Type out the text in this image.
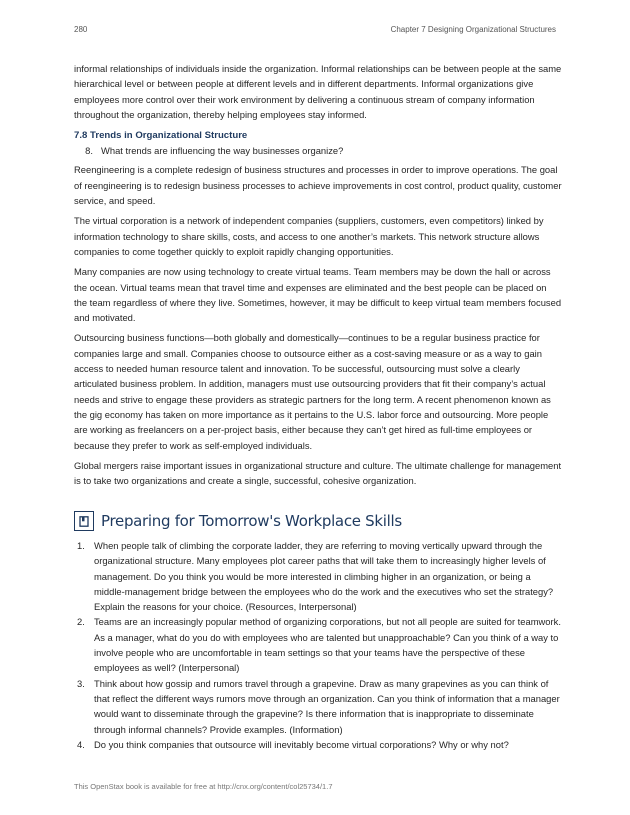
280	Chapter 7 Designing Organizational Structures

informal relationships of individuals inside the organization. Informal relationships can be between people at the same hierarchical level or between people at different levels and in different departments. Informal organizations give employees more control over their work environment by delivering a continuous stream of company information throughout the organization, thereby helping employees stay informed.

7.8 Trends in Organizational Structure
8. What trends are influencing the way businesses organize?

Reengineering is a complete redesign of business structures and processes in order to improve operations. The goal of reengineering is to redesign business processes to achieve improvements in cost control, product quality, customer service, and speed.

The virtual corporation is a network of independent companies (suppliers, customers, even competitors) linked by information technology to share skills, costs, and access to one another’s markets. This network structure allows companies to come together quickly to exploit rapidly changing opportunities.

Many companies are now using technology to create virtual teams. Team members may be down the hall or across the ocean. Virtual teams mean that travel time and expenses are eliminated and the best people can be placed on the team regardless of where they live. Sometimes, however, it may be difficult to keep virtual team members focused and motivated.

Outsourcing business functions—both globally and domestically—continues to be a regular business practice for companies large and small. Companies choose to outsource either as a cost-saving measure or as a way to gain access to needed human resource talent and innovation. To be successful, outsourcing must solve a clearly articulated business problem. In addition, managers must use outsourcing providers that fit their company’s actual needs and strive to engage these providers as strategic partners for the long term. A recent phenomenon known as the gig economy has taken on more importance as it pertains to the U.S. labor force and outsourcing. More people are working as freelancers on a per-project basis, either because they can’t get hired as full-time employees or because they prefer to work as self-employed individuals.

Global mergers raise important issues in organizational structure and culture. The ultimate challenge for management is to take two organizations and create a single, successful, cohesive organization.

Preparing for Tomorrow's Workplace Skills
1. When people talk of climbing the corporate ladder, they are referring to moving vertically upward through the organizational structure. Many employees plot career paths that will take them to increasingly higher levels of management. Do you think you would be more interested in climbing higher in an organization, or being a middle-management bridge between the employees who do the work and the executives who set the strategy? Explain the reasons for your choice. (Resources, Interpersonal)
2. Teams are an increasingly popular method of organizing corporations, but not all people are suited for teamwork. As a manager, what do you do with employees who are talented but unapproachable? Can you think of a way to involve people who are uncomfortable in team settings so that your teams have the perspective of these employees as well? (Interpersonal)
3. Think about how gossip and rumors travel through a grapevine. Draw as many grapevines as you can think of that reflect the different ways rumors move through an organization. Can you think of information that a manager would want to disseminate through the grapevine? Is there information that is inappropriate to disseminate through informal channels? Provide examples. (Information)
4. Do you think companies that outsource will inevitably become virtual corporations? Why or why not?
This OpenStax book is available for free at http://cnx.org/content/col25734/1.7
